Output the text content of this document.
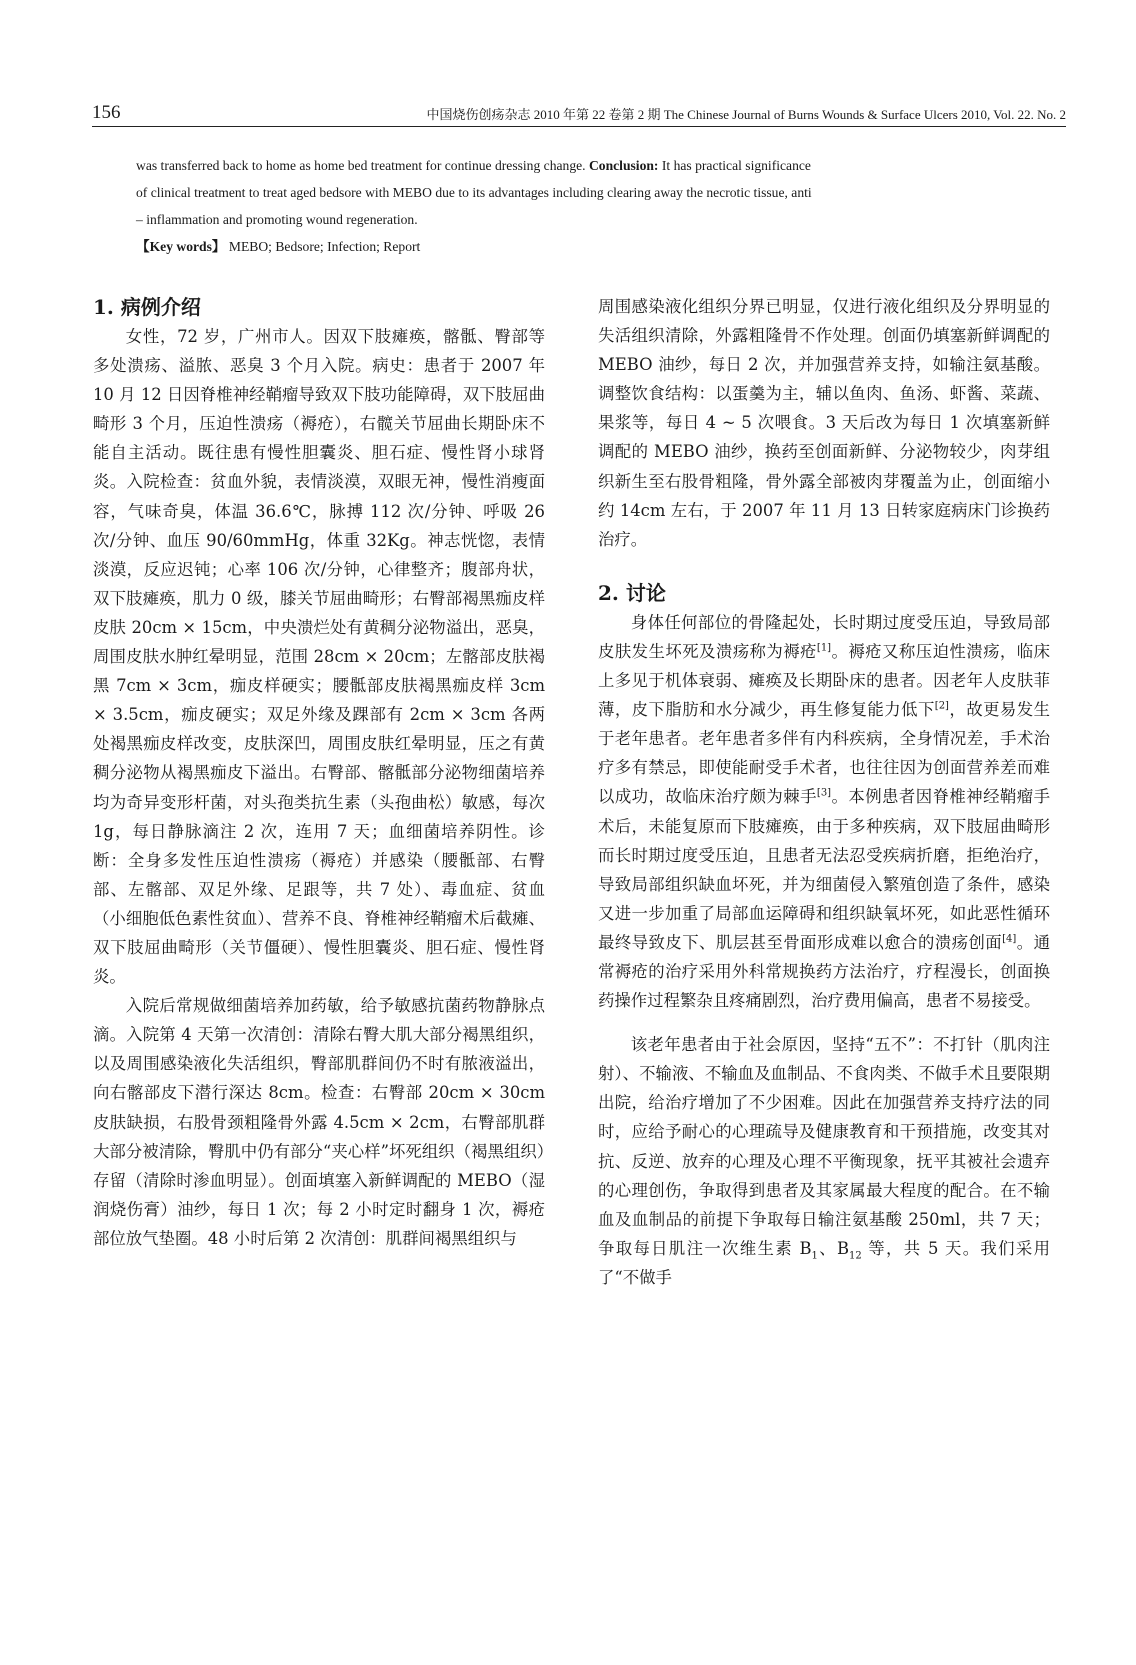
156	中国烧伤创疡杂志 2010 年第 22 卷第 2 期 The Chinese Journal of Burns Wounds & Surface Ulcers 2010, Vol. 22. No. 2

was transferred back to home as home bed treatment for continue dressing change. Conclusion: It has practical significance

of clinical treatment to treat aged bedsore with MEBO due to its advantages including clearing away the necrotic tissue, anti

– inflammation and promoting wound regeneration.

【Key words】 MEBO; Bedsore; Infection; Report

1. 病例介绍

女性，72 岁，广州市人。因双下肢瘫痪，髂骶、臀部等多处溃疡、溢脓、恶臭 3 个月入院。病史：患者于 2007 年 10 月 12 日因脊椎神经鞘瘤导致双下肢功能障碍，双下肢屈曲畸形 3 个月，压迫性溃疡（褥疮），右髋关节屈曲长期卧床不能自主活动。既往患有慢性胆囊炎、胆石症、慢性肾小球肾炎。入院检查：贫血外貌，表情淡漠，双眼无神，慢性消瘦面容，气味奇臭，体温 36.6℃，脉搏 112 次/分钟、呼吸 26 次/分钟、血压 90/60mmHg，体重 32Kg。神志恍惚，表情淡漠，反应迟钝；心率 106 次/分钟，心律整齐；腹部舟状，双下肢瘫痪，肌力 0 级，膝关节屈曲畸形；右臀部褐黑痂皮样皮肤 20cm × 15cm，中央溃烂处有黄稠分泌物溢出，恶臭，周围皮肤水肿红晕明显，范围 28cm × 20cm；左髂部皮肤褐黑 7cm × 3cm，痂皮样硬实；腰骶部皮肤褐黑痂皮样 3cm × 3.5cm，痂皮硬实；双足外缘及踝部有 2cm × 3cm 各两处褐黑痂皮样改变，皮肤深凹，周围皮肤红晕明显，压之有黄稠分泌物从褐黑痂皮下溢出。右臀部、髂骶部分泌物细菌培养均为奇异变形杆菌，对头孢类抗生素（头孢曲松）敏感，每次 1g，每日静脉滴注 2 次，连用 7 天；血细菌培养阴性。诊断：全身多发性压迫性溃疡（褥疮）并感染（腰骶部、右臀部、左髂部、双足外缘、足跟等，共 7 处）、毒血症、贫血（小细胞低色素性贫血）、营养不良、脊椎神经鞘瘤术后截瘫、双下肢屈曲畸形（关节僵硬）、慢性胆囊炎、胆石症、慢性肾炎。

入院后常规做细菌培养加药敏，给予敏感抗菌药物静脉点滴。入院第 4 天第一次清创：清除右臀大肌大部分褐黑组织，以及周围感染液化失活组织，臀部肌群间仍不时有脓液溢出，向右髂部皮下潜行深达 8cm。检查：右臀部 20cm × 30cm 皮肤缺损，右股骨颈粗隆骨外露 4.5cm × 2cm，右臀部肌群大部分被清除，臀肌中仍有部分“夹心样”坏死组织（褐黑组织）存留（清除时渗血明显）。创面填塞入新鲜调配的 MEBO（湿润烧伤膏）油纱，每日 1 次；每 2 小时定时翻身 1 次，褥疮部位放气垫圈。48 小时后第 2 次清创：肌群间褐黑组织与

周围感染液化组织分界已明显，仅进行液化组织及分界明显的失活组织清除，外露粗隆骨不作处理。创面仍填塞新鲜调配的 MEBO 油纱，每日 2 次，并加强营养支持，如输注氨基酸。调整饮食结构：以蛋羹为主，辅以鱼肉、鱼汤、虾酱、菜蔬、果浆等，每日 4 ~ 5 次喂食。3 天后改为每日 1 次填塞新鲜调配的 MEBO 油纱，换药至创面新鲜、分泌物较少，肉芽组织新生至右股骨粗隆，骨外露全部被肉芽覆盖为止，创面缩小约 14cm 左右，于 2007 年 11 月 13 日转家庭病床门诊换药治疗。

2. 讨论

身体任何部位的骨隆起处，长时期过度受压迫，导致局部皮肤发生坏死及溃疡称为褥疮[1]。褥疮又称压迫性溃疡，临床上多见于机体衰弱、瘫痪及长期卧床的患者。因老年人皮肤菲薄，皮下脂肪和水分减少，再生修复能力低下[2]，故更易发生于老年患者。老年患者多伴有内科疾病，全身情况差，手术治疗多有禁忌，即使能耐受手术者，也往往因为创面营养差而难以成功，故临床治疗颇为棘手[3]。本例患者因脊椎神经鞘瘤手术后，未能复原而下肢瘫痪，由于多种疾病，双下肢屈曲畸形而长时期过度受压迫，且患者无法忍受疾病折磨，拒绝治疗，导致局部组织缺血坏死，并为细菌侵入繁殖创造了条件，感染又进一步加重了局部血运障碍和组织缺氧坏死，如此恶性循环最终导致皮下、肌层甚至骨面形成难以愈合的溃疡创面[4]。通常褥疮的治疗采用外科常规换药方法治疗，疗程漫长，创面换药操作过程繁杂且疼痛剧烈，治疗费用偏高，患者不易接受。

该老年患者由于社会原因，坚持“五不”：不打针（肌肉注射）、不输液、不输血及血制品、不食肉类、不做手术且要限期出院，给治疗增加了不少困难。因此在加强营养支持疗法的同时，应给予耐心的心理疏导及健康教育和干预措施，改变其对抗、反逆、放弃的心理及心理不平衡现象，抚平其被社会遗弃的心理创伤，争取得到患者及其家属最大程度的配合。在不输血及血制品的前提下争取每日输注氨基酸 250ml，共 7 天；争取每日肌注一次维生素 $B_1$、$B_{12}$ 等，共 5 天。我们采用了“不做手
